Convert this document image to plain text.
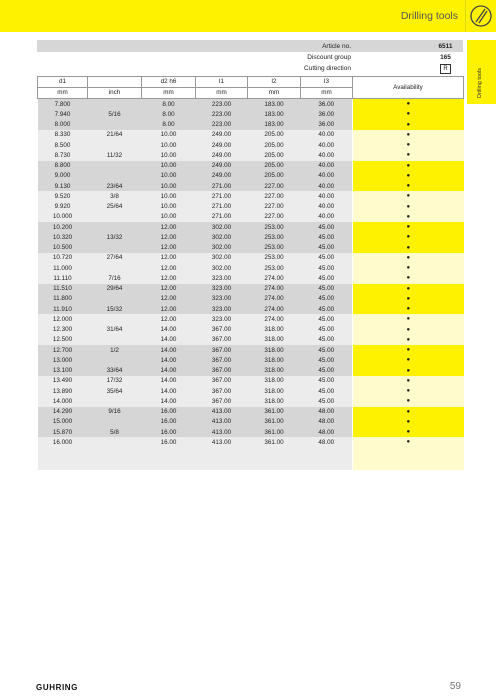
Drilling tools
Drilling tools
Article no.	6511
Discount group	165
Cutting direction	R
d1		d2 h6	l1	l2	l3	Availability
mm	inch	mm	mm	mm	mm	
7.800		8.00	223.00	183.00	36.00	●
7.940	5/16	8.00	223.00	183.00	36.00	●
8.000		8.00	223.00	183.00	36.00	●
8.330	21/64	10.00	249.00	205.00	40.00	●
8.500		10.00	249.00	205.00	40.00	●
8.730	11/32	10.00	249.00	205.00	40.00	●
8.800		10.00	249.00	205.00	40.00	●
9.000		10.00	249.00	205.00	40.00	●
9.130	23/64	10.00	271.00	227.00	40.00	●
9.520	3/8	10.00	271.00	227.00	40.00	●
9.920	25/64	10.00	271.00	227.00	40.00	●
10.000		10.00	271.00	227.00	40.00	●
10.200		12.00	302.00	253.00	45.00	●
10.320	13/32	12.00	302.00	253.00	45.00	●
10.500		12.00	302.00	253.00	45.00	●
10.720	27/64	12.00	302.00	253.00	45.00	●
11.000		12.00	302.00	253.00	45.00	●
11.110	7/16	12.00	323.00	274.00	45.00	●
11.510	29/64	12.00	323.00	274.00	45.00	●
11.800		12.00	323.00	274.00	45.00	●
11.910	15/32	12.00	323.00	274.00	45.00	●
12.000		12.00	323.00	274.00	45.00	●
12.300	31/64	14.00	367.00	318.00	45.00	●
12.500		14.00	367.00	318.00	45.00	●
12.700	1/2	14.00	367.00	318.00	45.00	●
13.000		14.00	367.00	318.00	45.00	●
13.100	33/64	14.00	367.00	318.00	45.00	●
13.490	17/32	14.00	367.00	318.00	45.00	●
13.890	35/64	14.00	367.00	318.00	45.00	●
14.000		14.00	367.00	318.00	45.00	●
14.290	9/16	16.00	413.00	361.00	48.00	●
15.000		16.00	413.00	361.00	48.00	●
15.870	5/8	16.00	413.00	361.00	48.00	●
16.000		16.00	413.00	361.00	48.00	●

GUHRING	59
